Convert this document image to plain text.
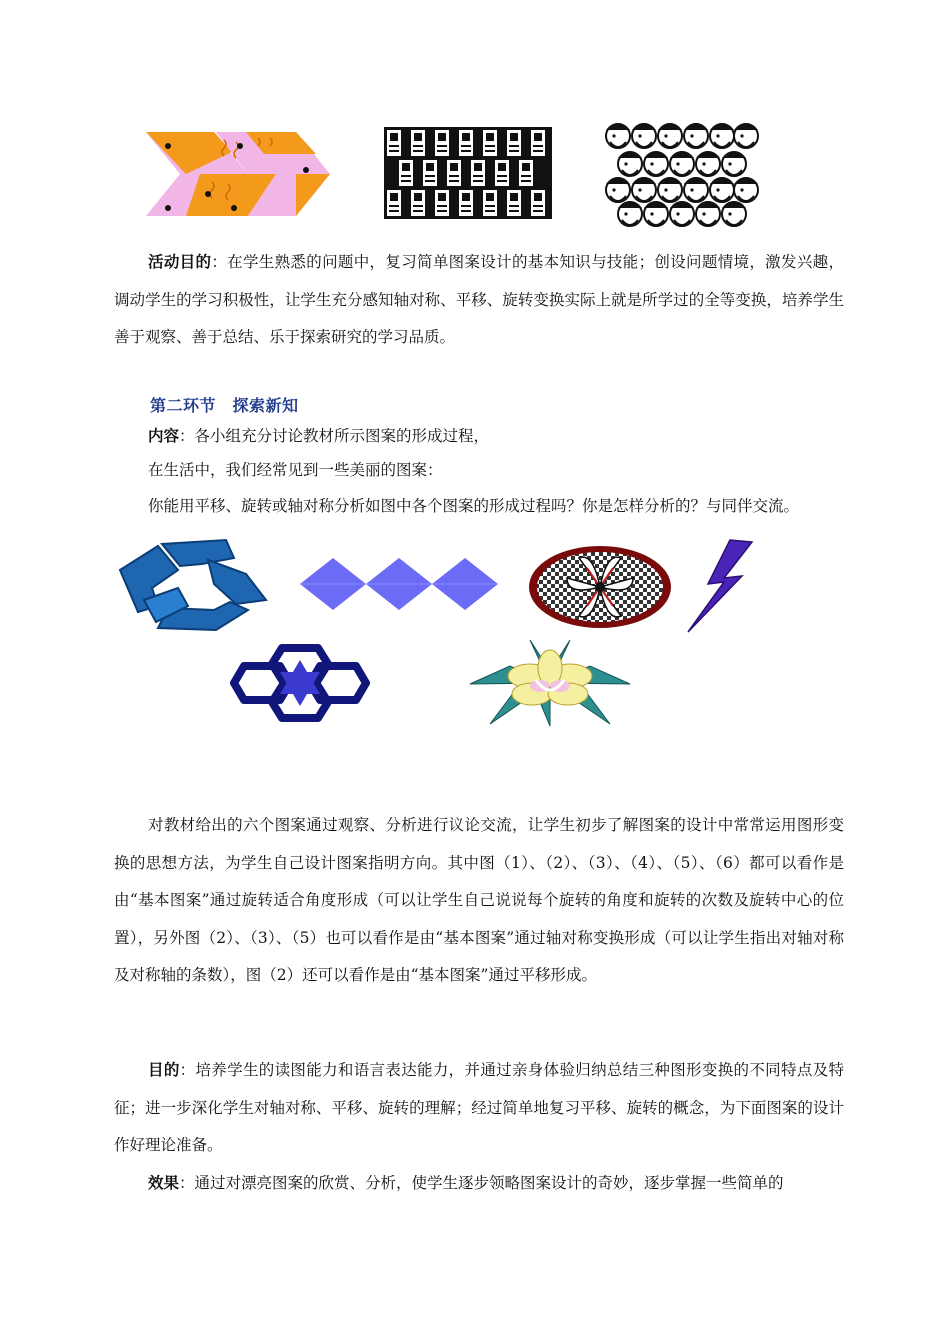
活动目的：在学生熟悉的问题中，复习简单图案设计的基本知识与技能；创设问题情境，激发兴趣，调动学生的学习积极性，让学生充分感知轴对称、平移、旋转变换实际上就是所学过的全等变换，培养学生善于观察、善于总结、乐于探索研究的学习品质。

第二环节　探索新知

内容：各小组充分讨论教材所示图案的形成过程，

在生活中，我们经常见到一些美丽的图案：

你能用平移、旋转或轴对称分析如图中各个图案的形成过程吗？你是怎样分析的？与同伴交流。

对教材给出的六个图案通过观察、分析进行议论交流，让学生初步了解图案的设计中常常运用图形变换的思想方法，为学生自己设计图案指明方向。其中图（1）、（2）、（3）、（4）、（5）、（6）都可以看作是由“基本图案”通过旋转适合角度形成（可以让学生自己说说每个旋转的角度和旋转的次数及旋转中心的位置），另外图（2）、（3）、（5）也可以看作是由“基本图案”通过轴对称变换形成（可以让学生指出对轴对称及对称轴的条数），图（2）还可以看作是由“基本图案”通过平移形成。

目的：培养学生的读图能力和语言表达能力，并通过亲身体验归纳总结三种图形变换的不同特点及特征；进一步深化学生对轴对称、平移、旋转的理解；经过简单地复习平移、旋转的概念，为下面图案的设计作好理论准备。

效果：通过对漂亮图案的欣赏、分析，使学生逐步领略图案设计的奇妙，逐步掌握一些简单的
